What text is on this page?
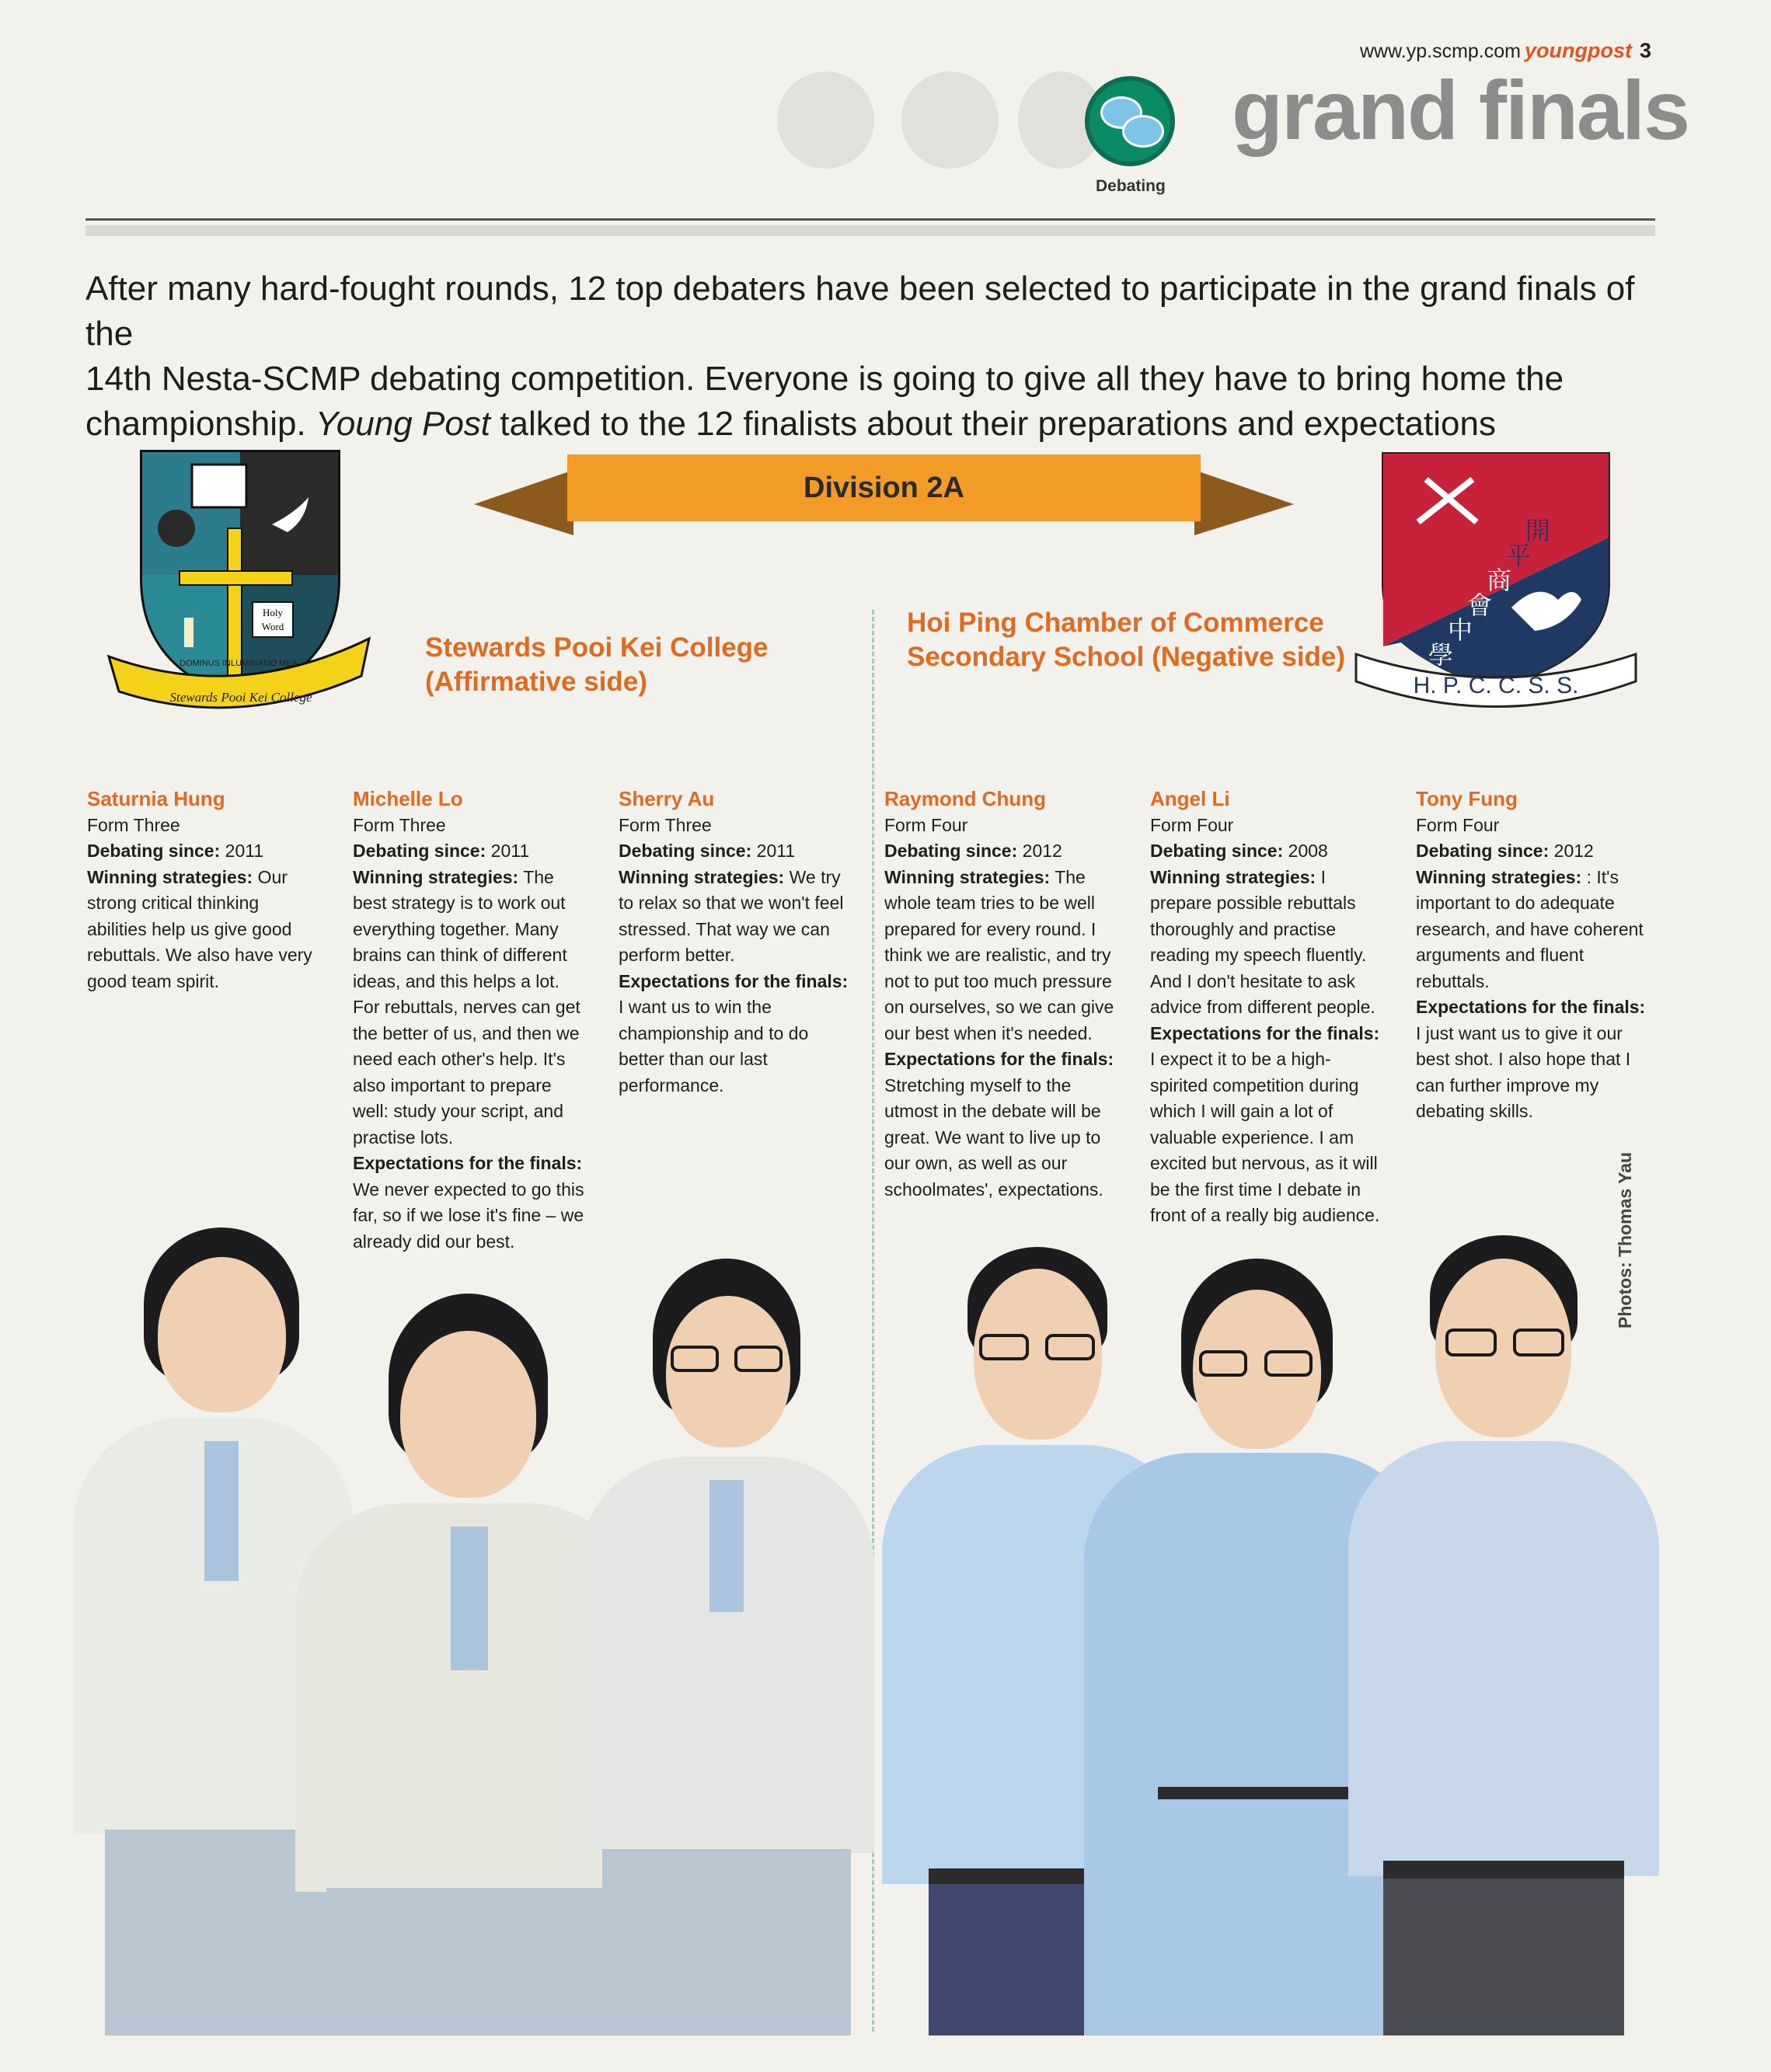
www.yp.scmp.com youngpost 3
Debating
grand finals
After many hard-fought rounds, 12 top debaters have been selected to participate in the grand finals of the
14th Nesta-SCMP debating competition. Everyone is going to give all they have to bring home the
championship. Young Post talked to the 12 finalists about their preparations and expectations
Holy
Word
DOMINUS INLUMINATIO MEA
Stewards Pooi Kei College
Division 2A
Stewards Pooi Kei College
(Affirmative side)
Hoi Ping Chamber of Commerce
Secondary School (Negative side)
旅
港
開
平
商
會
中
學
H. P. C. C. S. S.

Saturnia Hung

Form Three

Debating since: 2011

Winning strategies: Our strong critical thinking abilities help us give good rebuttals. We also have very good team spirit.

Michelle Lo

Form Three

Debating since: 2011

Winning strategies: The best strategy is to work out everything together. Many brains can think of different ideas, and this helps a lot. For rebuttals, nerves can get the better of us, and then we need each other's help. It's also important to prepare well: study your script, and practise lots.

Expectations for the finals: We never expected to go this far, so if we lose it's fine – we already did our best.

Sherry Au

Form Three

Debating since: 2011

Winning strategies: We try to relax so that we won't feel stressed. That way we can perform better.

Expectations for the finals: I want us to win the championship and to do better than our last performance.

Raymond Chung

Form Four

Debating since: 2012

Winning strategies: The whole team tries to be well prepared for every round. I think we are realistic, and try not to put too much pressure on ourselves, so we can give our best when it's needed.

Expectations for the finals: Stretching myself to the utmost in the debate will be great. We want to live up to our own, as well as our schoolmates', expectations.

Angel Li

Form Four

Debating since: 2008

Winning strategies: I prepare possible rebuttals thoroughly and practise reading my speech fluently. And I don't hesitate to ask advice from different people.

Expectations for the finals: I expect it to be a high-spirited competition during which I will gain a lot of valuable experience. I am excited but nervous, as it will be the first time I debate in front of a really big audience.

Tony Fung

Form Four

Debating since: 2012

Winning strategies: : It's important to do adequate research, and have coherent arguments and fluent rebuttals.

Expectations for the finals: I just want us to give it our best shot. I also hope that I can further improve my debating skills.

Photos: Thomas Yau
